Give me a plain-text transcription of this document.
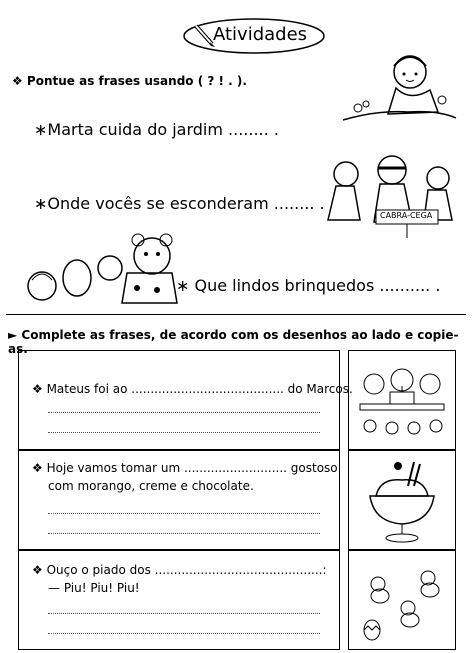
Atividades
❖ Pontue as frases usando ( ? ! . ).
∗Marta cuida do jardim ........ .
∗Onde vocês se esconderam ........ .
∗ Que lindos brinquedos .......... .
CABRA-CEGA
► Complete as frases, de acordo com os desenhos ao lado e copie-as.
❖ Mateus foi ao ........................................ do Marcos.
❖ Hoje vamos tomar um ........................... gostoso
com morango, creme e chocolate.
❖ Ouço o piado dos ............................................:
— Piu! Piu! Piu!
